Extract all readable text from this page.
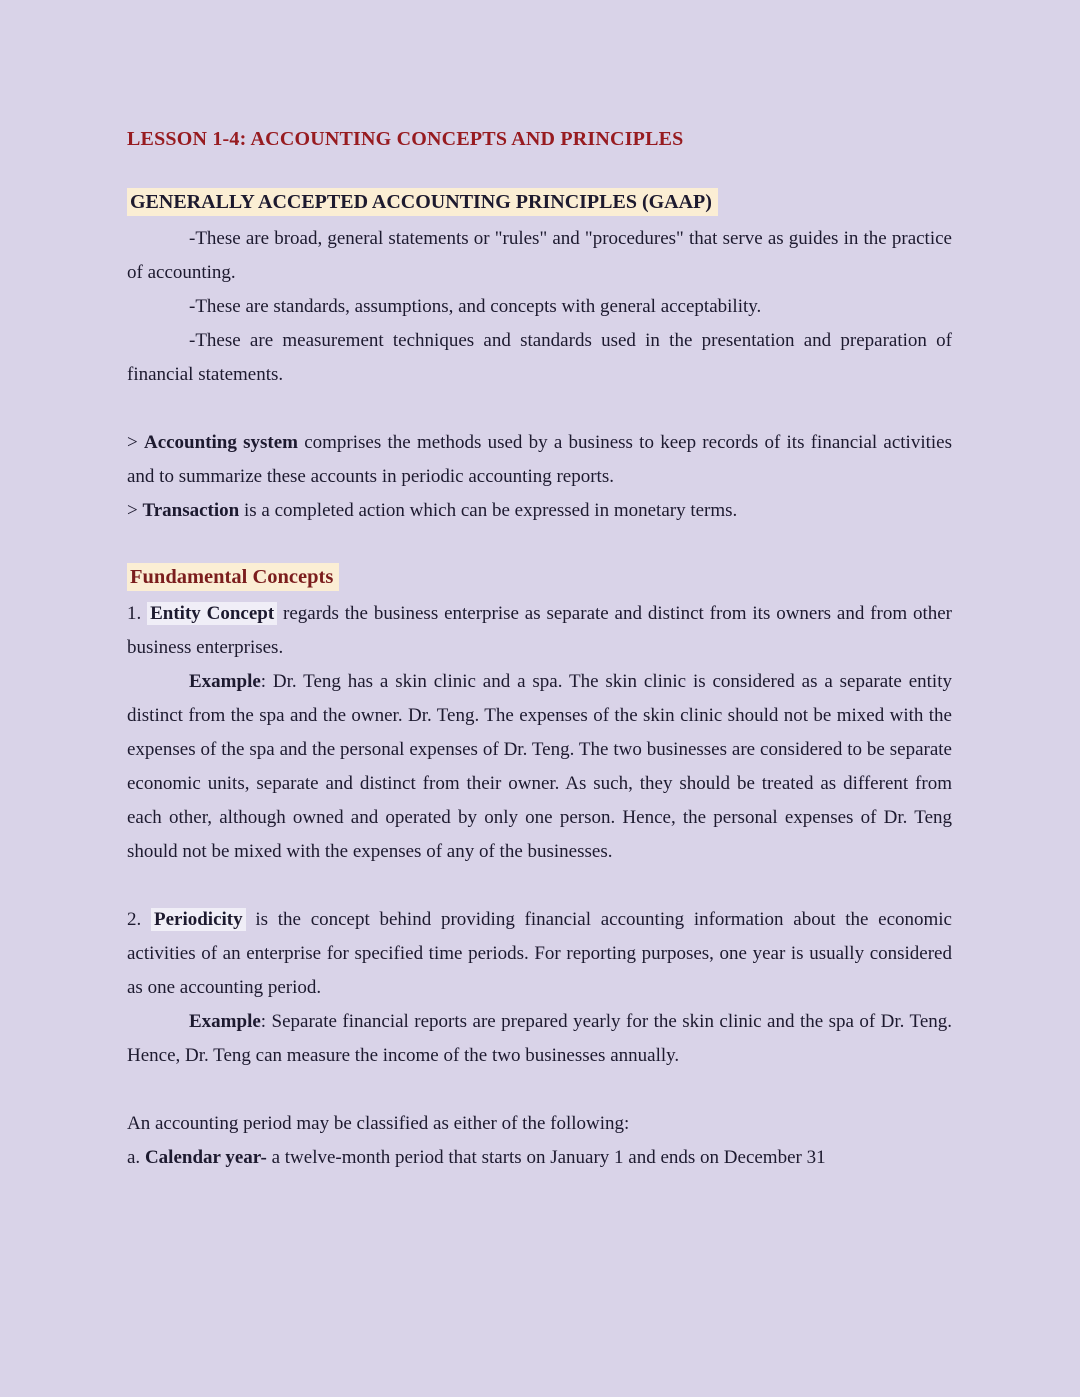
LESSON 1-4: ACCOUNTING CONCEPTS AND PRINCIPLES
GENERALLY ACCEPTED ACCOUNTING PRINCIPLES (GAAP)

-These are broad, general statements or "rules" and "procedures" that serve as guides in the practice of accounting.

-These are standards, assumptions, and concepts with general acceptability.

-These are measurement techniques and standards used in the presentation and preparation of financial statements.

> Accounting system comprises the methods used by a business to keep records of its financial activities and to summarize these accounts in periodic accounting reports.

> Transaction is a completed action which can be expressed in monetary terms.

Fundamental Concepts

1. Entity Concept regards the business enterprise as separate and distinct from its owners and from other business enterprises.

Example: Dr. Teng has a skin clinic and a spa. The skin clinic is considered as a separate entity distinct from the spa and the owner. Dr. Teng. The expenses of the skin clinic should not be mixed with the expenses of the spa and the personal expenses of Dr. Teng. The two businesses are considered to be separate economic units, separate and distinct from their owner. As such, they should be treated as different from each other, although owned and operated by only one person. Hence, the personal expenses of Dr. Teng should not be mixed with the expenses of any of the businesses.

2. Periodicity is the concept behind providing financial accounting information about the economic activities of an enterprise for specified time periods. For reporting purposes, one year is usually considered as one accounting period.

Example: Separate financial reports are prepared yearly for the skin clinic and the spa of Dr. Teng. Hence, Dr. Teng can measure the income of the two businesses annually.

An accounting period may be classified as either of the following:

a. Calendar year- a twelve-month period that starts on January 1 and ends on December 31
